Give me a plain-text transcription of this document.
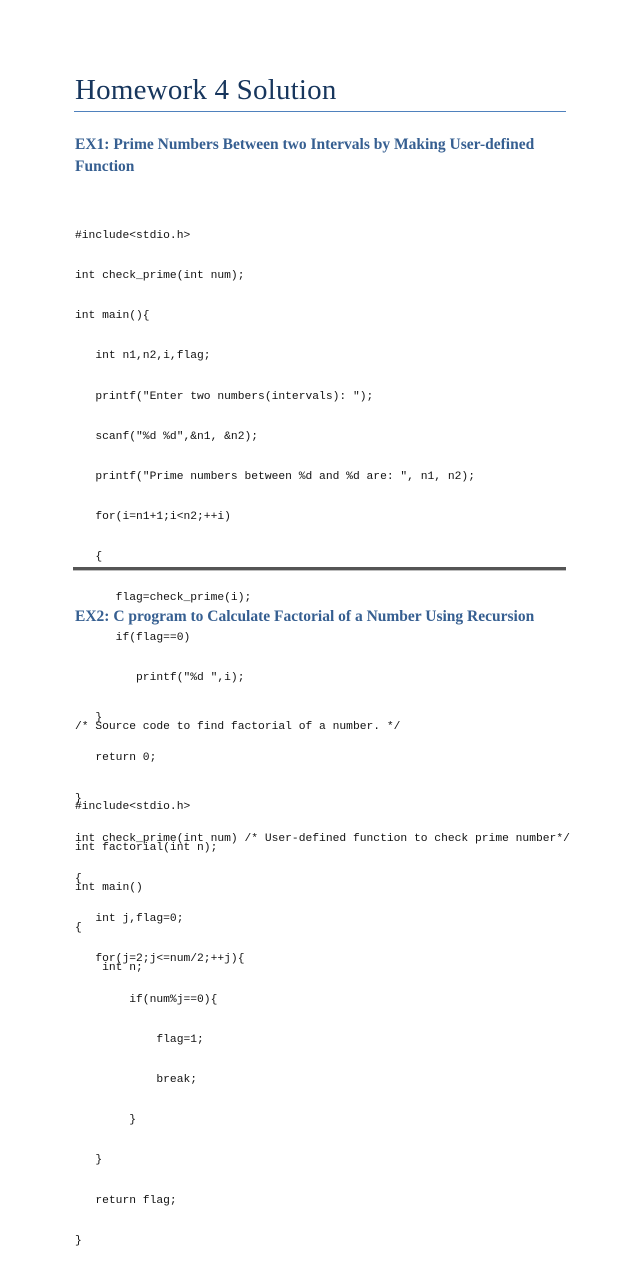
Homework 4 Solution
EX1: Prime Numbers Between two Intervals by Making User-defined Function

#include<stdio.h>

int check_prime(int num);

int main(){

int n1,n2,i,flag;

printf("Enter two numbers(intervals): ");

scanf("%d %d",&n1, &n2);

printf("Prime numbers between %d and %d are: ", n1, n2);

for(i=n1+1;i<n2;++i)

{

flag=check_prime(i);

if(flag==0)

printf("%d ",i);

}

return 0;

}

int check_prime(int num) /* User-defined function to check prime number*/

{

int j,flag=0;

for(j=2;j<=num/2;++j){

if(num%j==0){

flag=1;

break;

}

}

return flag;

}

EX2: C program to Calculate Factorial of a Number Using Recursion

/* Source code to find factorial of a number. */

#include<stdio.h>

int factorial(int n);

int main()

{

int n;
